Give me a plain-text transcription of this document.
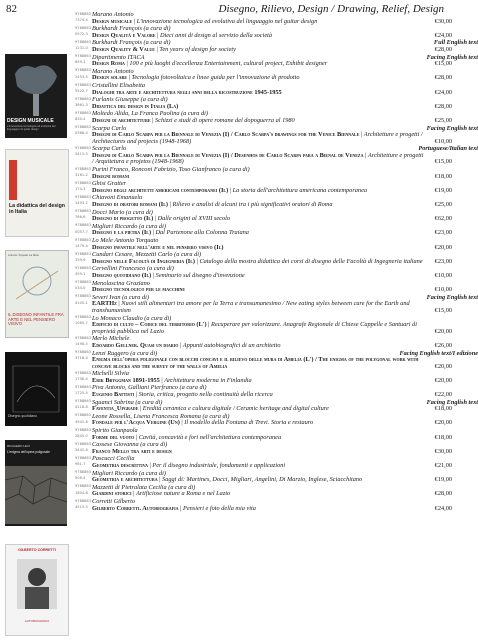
82	Disegno, Rilievo, Design / Drawing, Relief, Design
DESIGN MUSICALE
L'innovazione tecnologica ed evolutiva del linguaggio nel guitar design
La didattica del design in Italia
Antonio Toquato La Mele
IL DISEGNO INFANTILE FRA ARTE E NEL PENSIERO VISIVO
Disegno quotidiano
RUGGERO LEVI
L'enigma dell'opera poligonale
GILBERTO CORRETTI
AUTOBIOGRAFIA
9788863
7374-4
Marano Antonio
Design musicale | L'innovazione tecnologica ed evolutiva del linguaggio nel guitar design	€30,00
9788863
0972-3
Burkhardt François (a cura di)
Design Qualità e Valore | Dieci anni di design al servizio della società	€24,00
9788863
1231-0
Burkhardt François (a cura di)	Full English text
Design Quality & Value | Ten years of design for society	€28,00
9788863
659-3
Dipartimento ITACA	Facing English text
Design Roma | 100 e più luoghi d'eccellenza Entertainment, cultural project, Exhibit designer	€15,00
9788863
2453-5
Marano Antonio
Design solare | Tecnologia fotovoltaica e linee guida per l'innovazione di prodotto	€28,00
9788863
5522-7
Cristallini Elisabetta
Dialoghi tra arte e architettura negli anni della ricostruzione 1945-1955	€24,00
9788863
3661-3
Furlanis Giuseppe (a cura di)
Didattica del design in Italia (La)	€28,00
9788863
830-4
Moltedo Alida, La Franca Paolina (a cura di)
Disegni di architetture | Schizzi e studi di opere romane del dopoguerra al 1980	€25,00
9788863
0368-4
Scarpa Carlo	Facing English text
Disegni di Carlo Scarpa per la Biennale di Venezia (I) / Carlo Scarpa's drawings for the Venice Biennale | Architetture e progetti / Architectures and projects (1948-1968)	€10,00
9788863
0415-5
Scarpa Carlo	Portuguese/Italian text
Disegni di Carlo Scarpa per la Biennale di Venezia (I) / Desenhos de Carlo Scarpa para a Bienal de Veneza | Architetture e progetti / Arquitetura e projetos (1948-1968)	€15,00
9788863
3161-2
Purini Franco, Ronconi Fabrizio, Toso Gianfranco (a cura di)
Disegni romani	€18,00
9788863
174-3
Ghisi Gratter
Disegno degli architetti americani contemporanei (Il) | La storia dell'architettura americana contemporanea	€19,00
9788863
1493-2
Chiavoni Emanuela
Disegno di oratori romani (Il) | Rilievo e analisi di alcuni tra i più significativi oratori di Roma	€25,00
9788863
766-6
Docci Mario (a cura di)
Disegno di progetto (Il) | Dalle origini al XVIII secolo	€62,00
9788863
0057-7
Migliari Riccardo (a cura di)
Disegno e la pietra (Il) | Dal Partenone alla Colonna Traiana	€23,00
9788863
1479-4
Lo Mele Antonio Torquato
Disegno infantile nell'arte e nel pensiero visivo (Il)	€20,00
9788863
339-6
Cundari Cesare, Mezzetti Carlo (a cura di)
Disegno nelle Facoltà di Ingegneria (Il) | Catalogo della mostra didattica dei corsi di disegno delle Facoltà di Ingegneria italiane €23,00
9788863
459-1
Cervellini Francesco (a cura di)
Disegno quotidiano (Il) | Seminario sul disegno d'invenzione	€10,00
9788863
034-0
Menolascina Graziano
Disegno tecnologico per le macchine	€10,00
9788863
4105-1
Severi Ivan (a cura di)	Facing English text
EARTHz | Nuovi stili alimentari tra amore per la Terra e transumanesimo / New eating styles between care for the Earth and transhumanism	€15,00
9788863
1065-7
Lo Monaco Claudio (a cura di)
Edificio di culto – Codice del territorio (L') | Recuperare per valorizzare. Anagrafe Regionale di Chiese Cappelle e Santuari di proprietà pubblica nel Lazio	€20,00
9788863
1498-5
Merlo Michele
Edoardo Gellner. Quasi un diario | Appunti autobiografici di un architetto	€26,00
9788863
3718-4
Lenzi Ruggero (a cura di)	Facing English text/I edizione
Enigma dell'opera poligonale con blocchi concavi e il rilievo delle mura di Amelia (L') / The enigma of the polygonal work with concave blocks and the survey of the walls of Amelia	€20,00
9788863
1738-4
Michelli Silvia
Erik Bryggman 1891-1955 | Architettura moderna in Finlandia	€20,00
9788863
1725-4
Piva Antonio, Galliani Pierfranco (a cura di)
Eugenio Battisti | Storia, critica, progetto nella continuità della ricerca	€22,00
9788863
4118-8
Sguanci Sabrina (a cura di)	Facing English text
Faventia_Upgrade | Eredità ceramica e cultura digitale / Ceramic heritage and digital culture	€18,00
9788863
3941-8
Leone Rossella, Lisena Francesca Romana (a cura di)
Fondale per l'Acqua Vergine (Un) | Il modello della Fontana di Trevi. Storia e restauro	€20,00
9788863
2845-0
Spirito Gianpaola
Forme del vuoto | Cavità, concavità e fori nell'architettura contemporanea	€18,00
9788863
3442-8
Cassese Giovanna (a cura di)
Franco Mello tra arti e design	€30,00
9788863
981-7
Pascucci Cecilia
Geometria descrittiva | Per il disegno industriale, fondamenti e applicazioni	€21,00
9788863
908-4
Migliari Riccardo (a cura di)
Geometria e architettura | Saggi di: Martines, Docci, Migliari, Angelini, Di Marzio, Inglese, Sciacchitano	€19,00
9788863
1804-6
Mazzetti di Pietralata Cecilia (a cura di)
Giardini storici | Artificiose nature a Roma e nel Lazio	€28,00
9788863
4515-5
Corretti Gilberto
Gilberto Corretti. Autobiografia | Pensieri e foto della mia vita	€24,00
